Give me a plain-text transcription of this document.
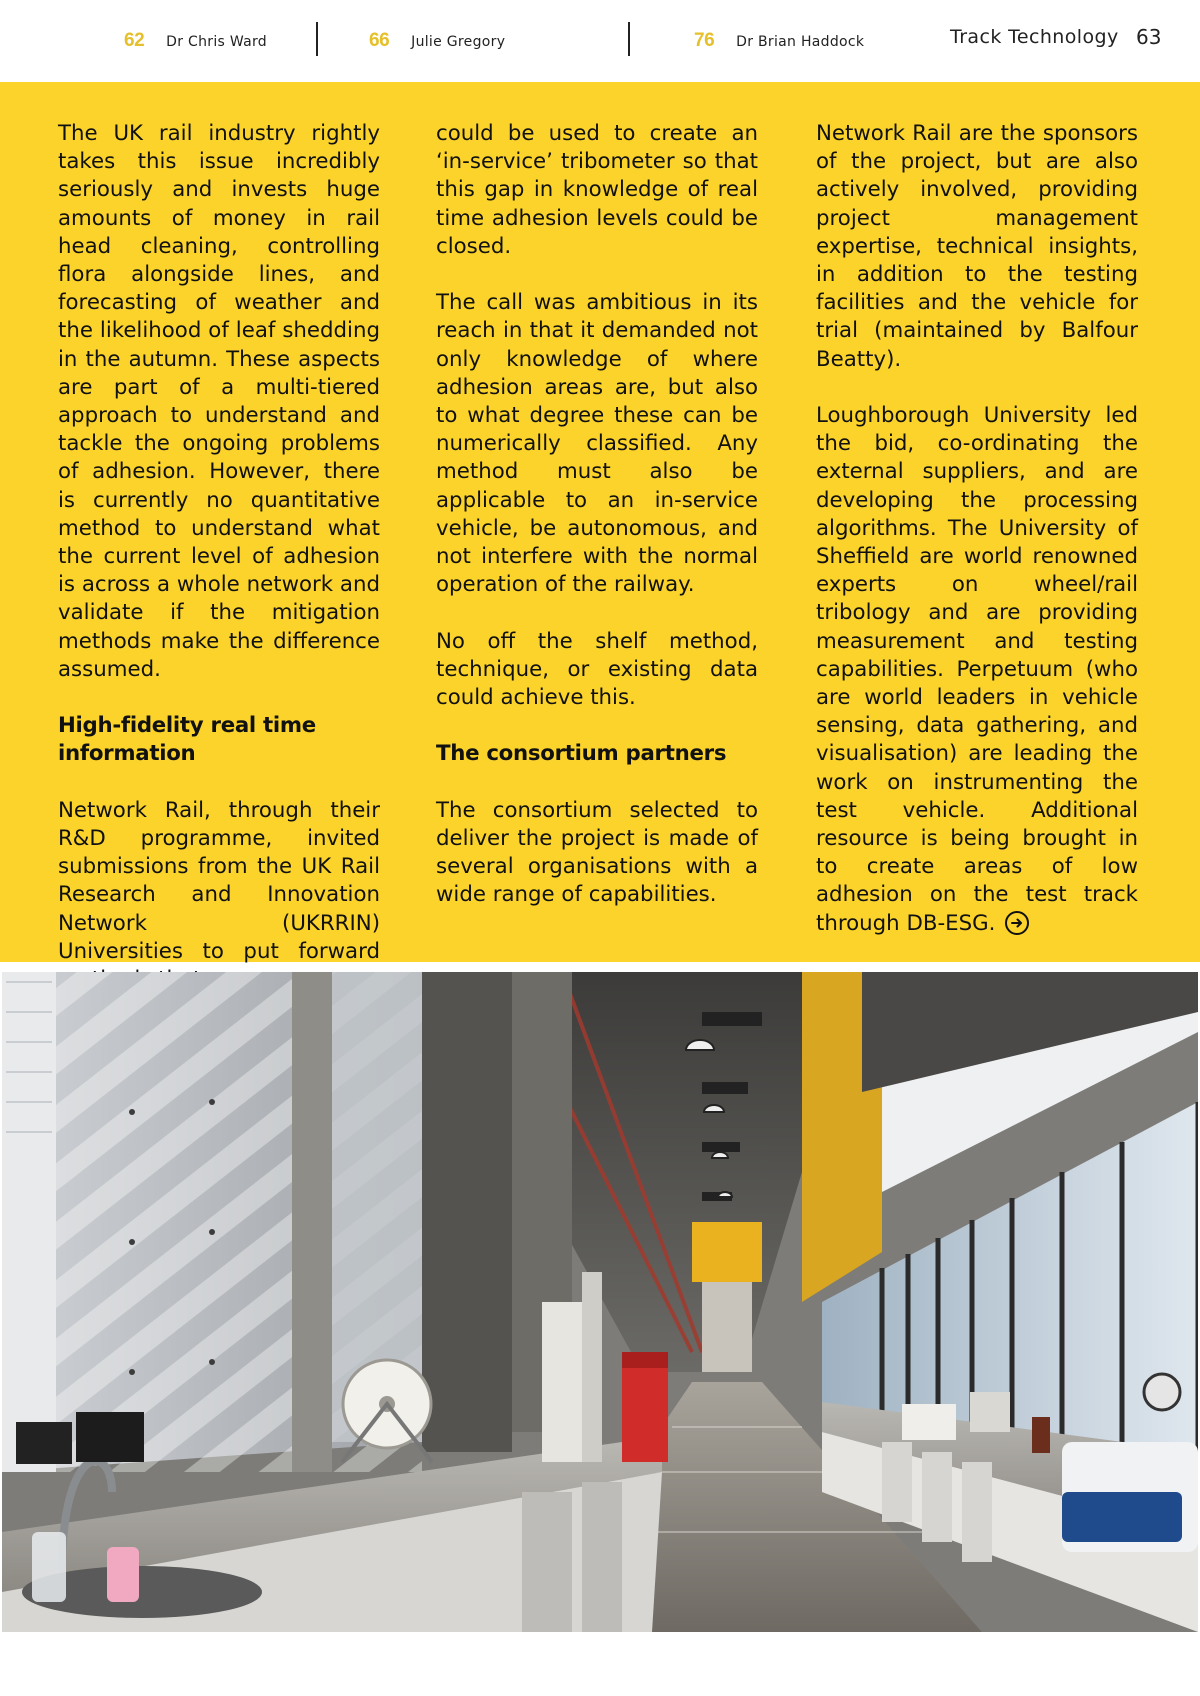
62 Dr Chris Ward	66 Julie Gregory	76 Dr Brian Haddock	Track Technology 63

The UK rail industry rightly takes this issue incredibly seriously and invests huge amounts of money in rail head cleaning, controlling flora alongside lines, and forecasting of weather and the likelihood of leaf shedding in the autumn. These aspects are part of a multi-tiered approach to understand and tackle the ongoing problems of adhesion. However, there is currently no quantitative method to understand what the current level of adhesion is across a whole network and validate if the mitigation methods make the difference assumed.

High-fidelity real time information

Network Rail, through their R&D programme, invited submissions from the UK Rail Research and Innovation Network (UKRRIN) Universities to put forward

could be used to create an ‘in-service’ tribometer so that this gap in knowledge of real time adhesion levels could be closed.

The call was ambitious in its reach in that it demanded not only knowledge of where adhesion areas are, but also to what degree these can be numerically classified. Any method must also be applicable to an in-service vehicle, be autonomous, and not interfere with the normal operation of the railway.

No off the shelf method, technique, or existing data could achieve this.

The consortium partners

The consortium selected to deliver the project is made of several organisations with a wide range of capabilities.

Network Rail are the sponsors of the project, but are also actively involved, providing project management expertise, technical insights, in addition to the testing facilities and the vehicle for trial (maintained by Balfour Beatty).

Loughborough University led the bid, co-ordinating the external suppliers, and are developing the processing algorithms. The University of Sheffield are world renowned experts on wheel/rail tribology and are providing measurement and testing capabilities. Perpetuum (who are world leaders in vehicle sensing, data gathering, and visualisation) are leading the work on instrumenting the test vehicle. Additional resource is being brought in to create areas of low adhesion on the test track through DB-ESG.
